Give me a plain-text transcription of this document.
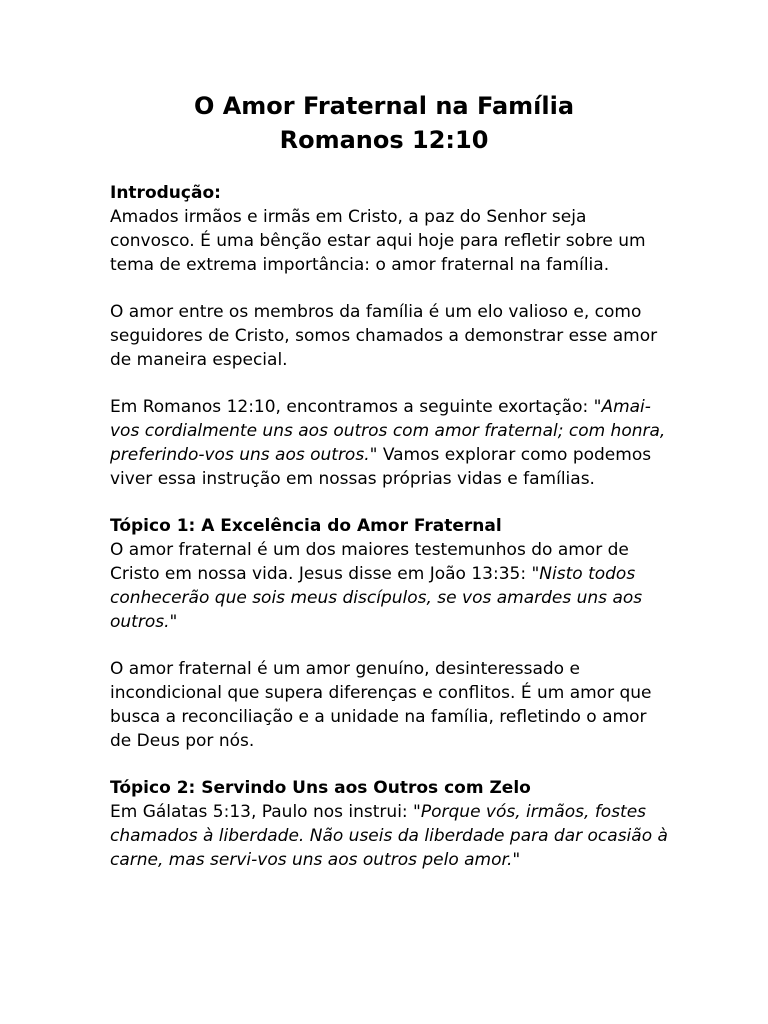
O Amor Fraternal na Família
Romanos 12:10

Introdução:

Amados irmãos e irmãs em Cristo, a paz do Senhor seja convosco. É uma bênção estar aqui hoje para refletir sobre um tema de extrema importância: o amor fraternal na família.

O amor entre os membros da família é um elo valioso e, como seguidores de Cristo, somos chamados a demonstrar esse amor de maneira especial.

Em Romanos 12:10, encontramos a seguinte exortação: "Amai-vos cordialmente uns aos outros com amor fraternal; com honra, preferindo-vos uns aos outros." Vamos explorar como podemos viver essa instrução em nossas próprias vidas e famílias.

Tópico 1: A Excelência do Amor Fraternal

O amor fraternal é um dos maiores testemunhos do amor de Cristo em nossa vida. Jesus disse em João 13:35: "Nisto todos conhecerão que sois meus discípulos, se vos amardes uns aos outros."

O amor fraternal é um amor genuíno, desinteressado e incondicional que supera diferenças e conflitos. É um amor que busca a reconciliação e a unidade na família, refletindo o amor de Deus por nós.

Tópico 2: Servindo Uns aos Outros com Zelo

Em Gálatas 5:13, Paulo nos instrui: "Porque vós, irmãos, fostes chamados à liberdade. Não useis da liberdade para dar ocasião à carne, mas servi-vos uns aos outros pelo amor."
